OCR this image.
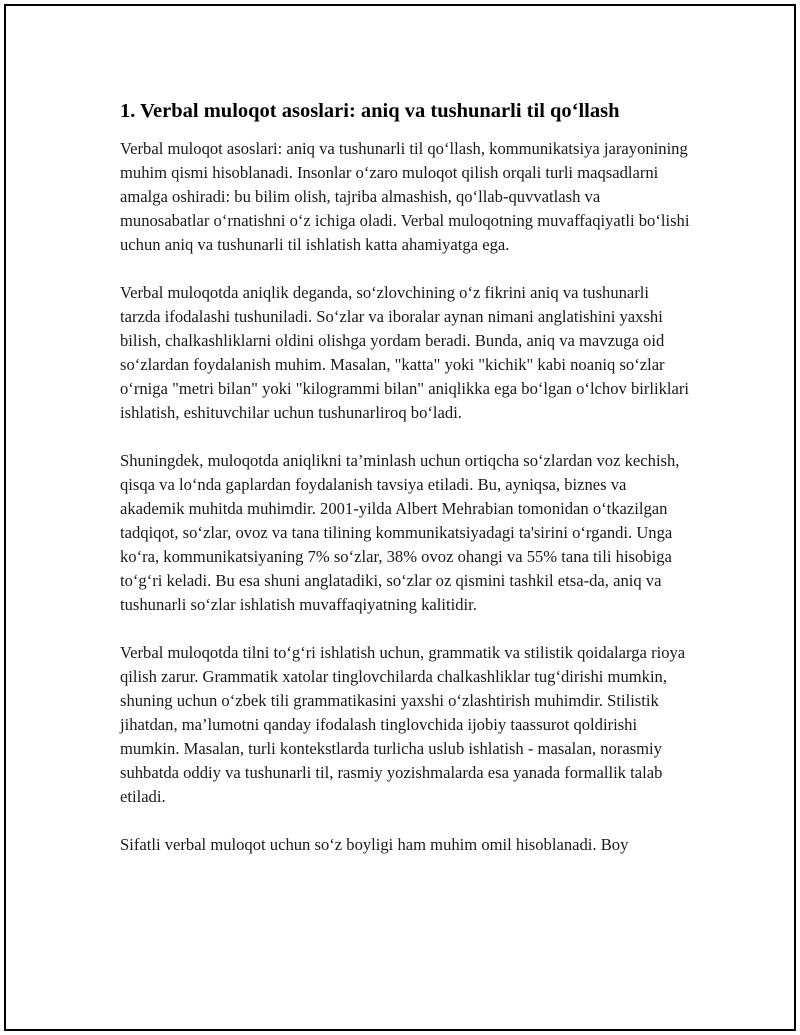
1. Verbal muloqot asoslari: aniq va tushunarli til qo‘llash

Verbal muloqot asoslari: aniq va tushunarli til qo‘llash, kommunikatsiya jarayonining muhim qismi hisoblanadi. Insonlar o‘zaro muloqot qilish orqali turli maqsadlarni amalga oshiradi: bu bilim olish, tajriba almashish, qo‘llab-quvvatlash va munosabatlar o‘rnatishni o‘z ichiga oladi. Verbal muloqotning muvaffaqiyatli bo‘lishi uchun aniq va tushunarli til ishlatish katta ahamiyatga ega.

Verbal muloqotda aniqlik deganda, so‘zlovchining o‘z fikrini aniq va tushunarli tarzda ifodalashi tushuniladi. So‘zlar va iboralar aynan nimani anglatishini yaxshi bilish, chalkashliklarni oldini olishga yordam beradi. Bunda, aniq va mavzuga oid so‘zlardan foydalanish muhim. Masalan, "katta" yoki "kichik" kabi noaniq so‘zlar o‘rniga "metri bilan" yoki "kilogrammi bilan" aniqlikka ega bo‘lgan o‘lchov birliklari ishlatish, eshituvchilar uchun tushunarliroq bo‘ladi.

Shuningdek, muloqotda aniqlikni ta’minlash uchun ortiqcha so‘zlardan voz kechish, qisqa va lo‘nda gaplardan foydalanish tavsiya etiladi. Bu, ayniqsa, biznes va akademik muhitda muhimdir. 2001-yilda Albert Mehrabian tomonidan o‘tkazilgan tadqiqot, so‘zlar, ovoz va tana tilining kommunikatsiyadagi ta'sirini o‘rgandi. Unga ko‘ra, kommunikatsiyaning 7% so‘zlar, 38% ovoz ohangi va 55% tana tili hisobiga to‘g‘ri keladi. Bu esa shuni anglatadiki, so‘zlar oz qismini tashkil etsa-da, aniq va tushunarli so‘zlar ishlatish muvaffaqiyatning kalitidir.

Verbal muloqotda tilni to‘g‘ri ishlatish uchun, grammatik va stilistik qoidalarga rioya qilish zarur. Grammatik xatolar tinglovchilarda chalkashliklar tug‘dirishi mumkin, shuning uchun o‘zbek tili grammatikasini yaxshi o‘zlashtirish muhimdir. Stilistik jihatdan, ma’lumotni qanday ifodalash tinglovchida ijobiy taassurot qoldirishi mumkin. Masalan, turli kontekstlarda turlicha uslub ishlatish - masalan, norasmiy suhbatda oddiy va tushunarli til, rasmiy yozishmalarda esa yanada formallik talab etiladi.

Sifatli verbal muloqot uchun so‘z boyligi ham muhim omil hisoblanadi. Boy
